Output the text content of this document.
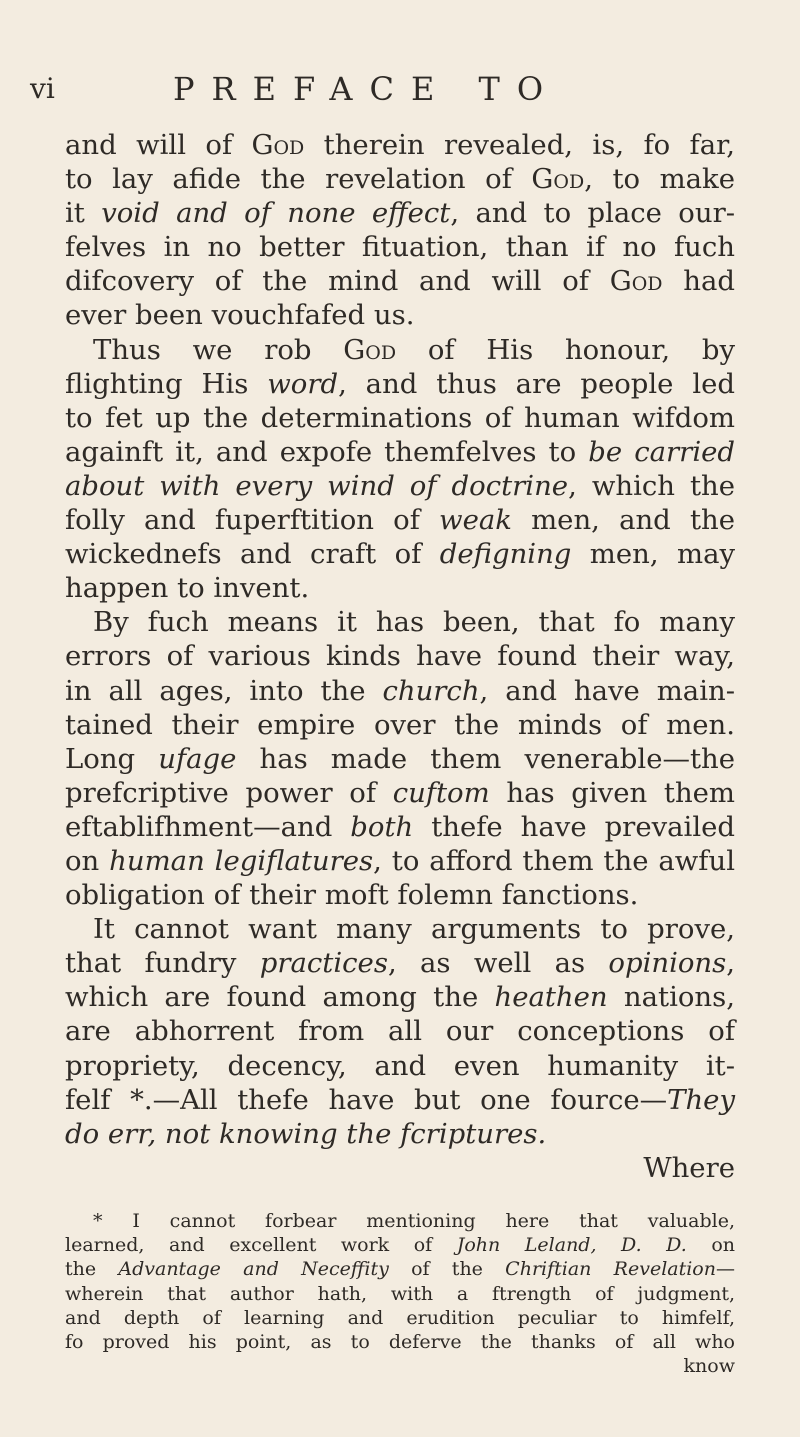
vi	PREFACE TO
and will of God therein revealed, is, fo far,
to lay afide the revelation of God, to make
it void and of none effect, and to place our-
felves in no better fituation, than if no fuch
difcovery of the mind and will of God had
ever been vouchfafed us.
Thus we rob God of His honour, by
flighting His word, and thus are people led
to fet up the determinations of human wifdom
againft it, and expofe themfelves to be carried
about with every wind of doctrine, which the
folly and fuperftition of weak men, and the
wickednefs and craft of defigning men, may
happen to invent.
By fuch means it has been, that fo many
errors of various kinds have found their way,
in all ages, into the church, and have main-
tained their empire over the minds of men.
Long ufage has made them venerable—the
prefcriptive power of cuftom has given them
eftablifhment—and both thefe have prevailed
on human legiflatures, to afford them the awful
obligation of their moft folemn fanctions.
It cannot want many arguments to prove,
that fundry practices, as well as opinions,
which are found among the heathen nations,
are abhorrent from all our conceptions of
propriety, decency, and even humanity it-
felf *.—All thefe have but one fource—They
do err, not knowing the fcriptures.
Where
* I cannot forbear mentioning here that valuable,
learned, and excellent work of John Leland, D. D. on
the Advantage and Neceffity of the Chriftian Revelation—
wherein that author hath, with a ftrength of judgment,
and depth of learning and erudition peculiar to himfelf,
fo proved his point, as to deferve the thanks of all who
know
